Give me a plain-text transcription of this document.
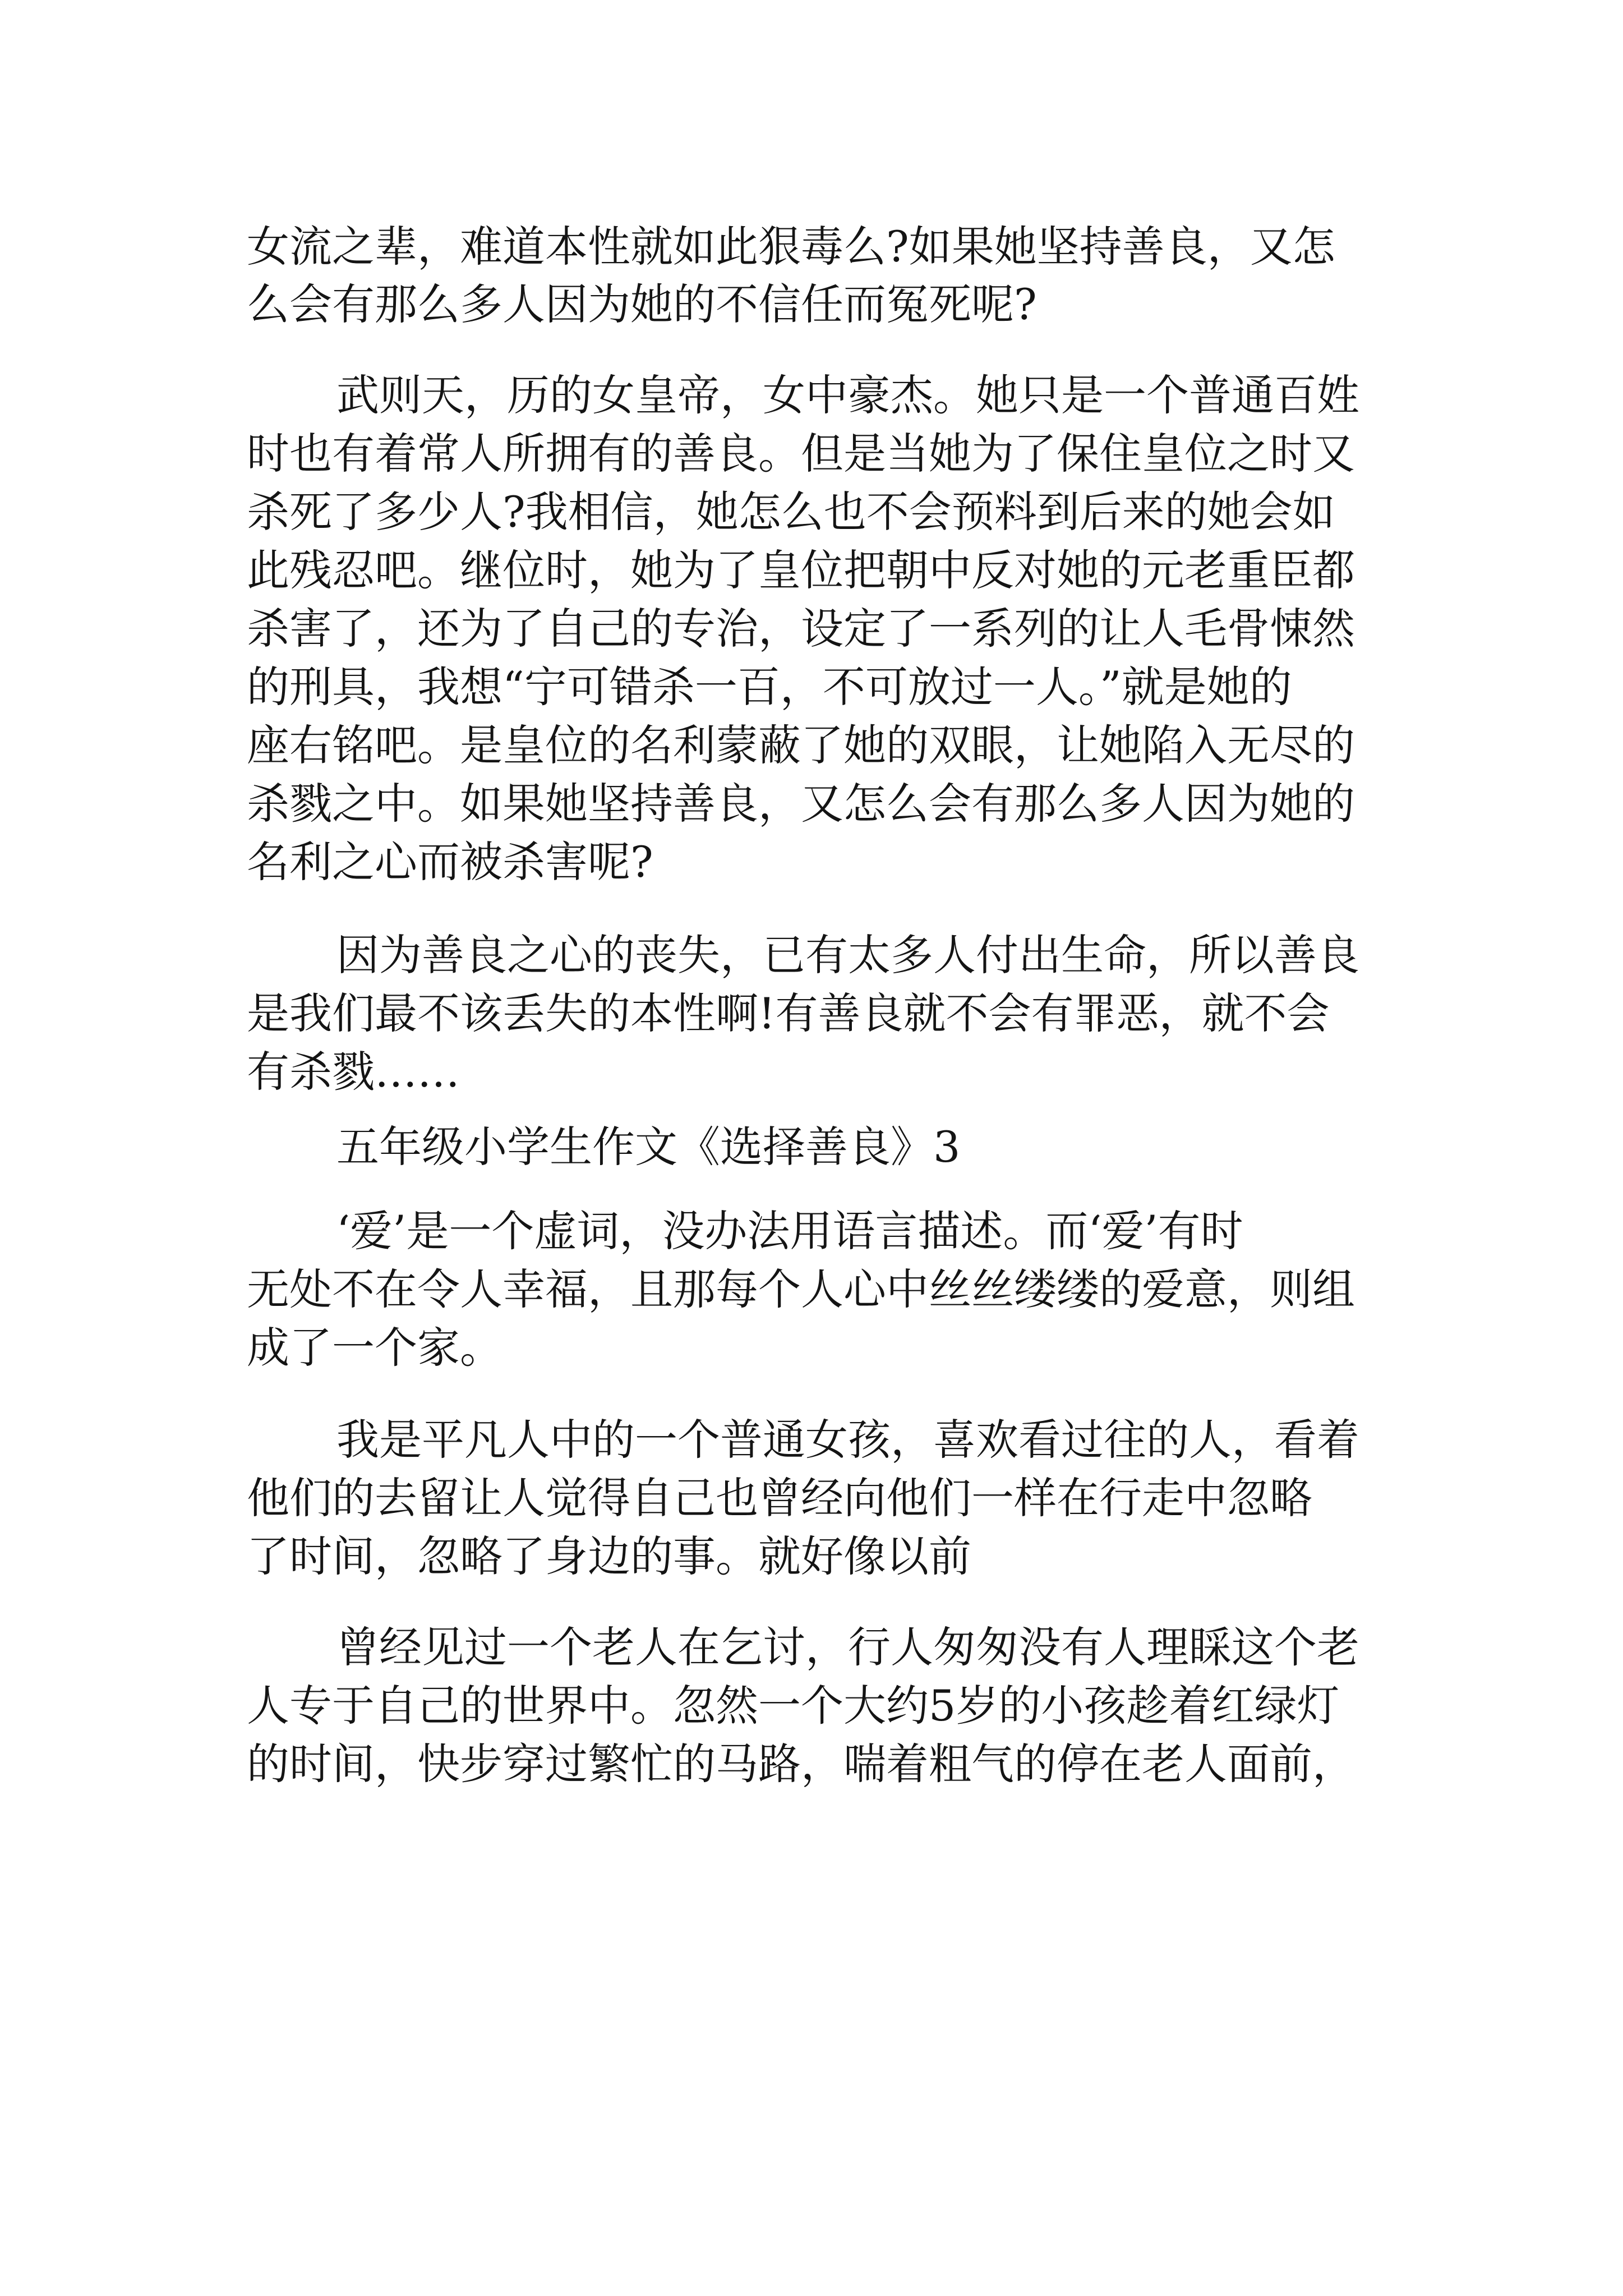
女流之辈，难道本性就如此狠毒么?如果她坚持善良，又怎
么会有那么多人因为她的不信任而冤死呢?
武则天，历的女皇帝，女中豪杰。她只是一个普通百姓
时也有着常人所拥有的善良。但是当她为了保住皇位之时又
杀死了多少人?我相信，她怎么也不会预料到后来的她会如
此残忍吧。继位时，她为了皇位把朝中反对她的元老重臣都
杀害了，还为了自己的专治，设定了一系列的让人毛骨悚然
的刑具，我想“宁可错杀一百，不可放过一人。”就是她的
座右铭吧。是皇位的名利蒙蔽了她的双眼，让她陷入无尽的
杀戮之中。如果她坚持善良，又怎么会有那么多人因为她的
名利之心而被杀害呢?
因为善良之心的丧失，已有太多人付出生命，所以善良
是我们最不该丢失的本性啊!有善良就不会有罪恶，就不会
有杀戮……
五年级小学生作文《选择善良》3
‘爱’是一个虚词，没办法用语言描述。而‘爱’有时
无处不在令人幸福，且那每个人心中丝丝缕缕的爱意，则组
成了一个家。
我是平凡人中的一个普通女孩，喜欢看过往的人，看着
他们的去留让人觉得自己也曾经向他们一样在行走中忽略
了时间，忽略了身边的事。就好像以前
曾经见过一个老人在乞讨，行人匆匆没有人理睬这个老
人专于自己的世界中。忽然一个大约5岁的小孩趁着红绿灯
的时间，快步穿过繁忙的马路，喘着粗气的停在老人面前，
